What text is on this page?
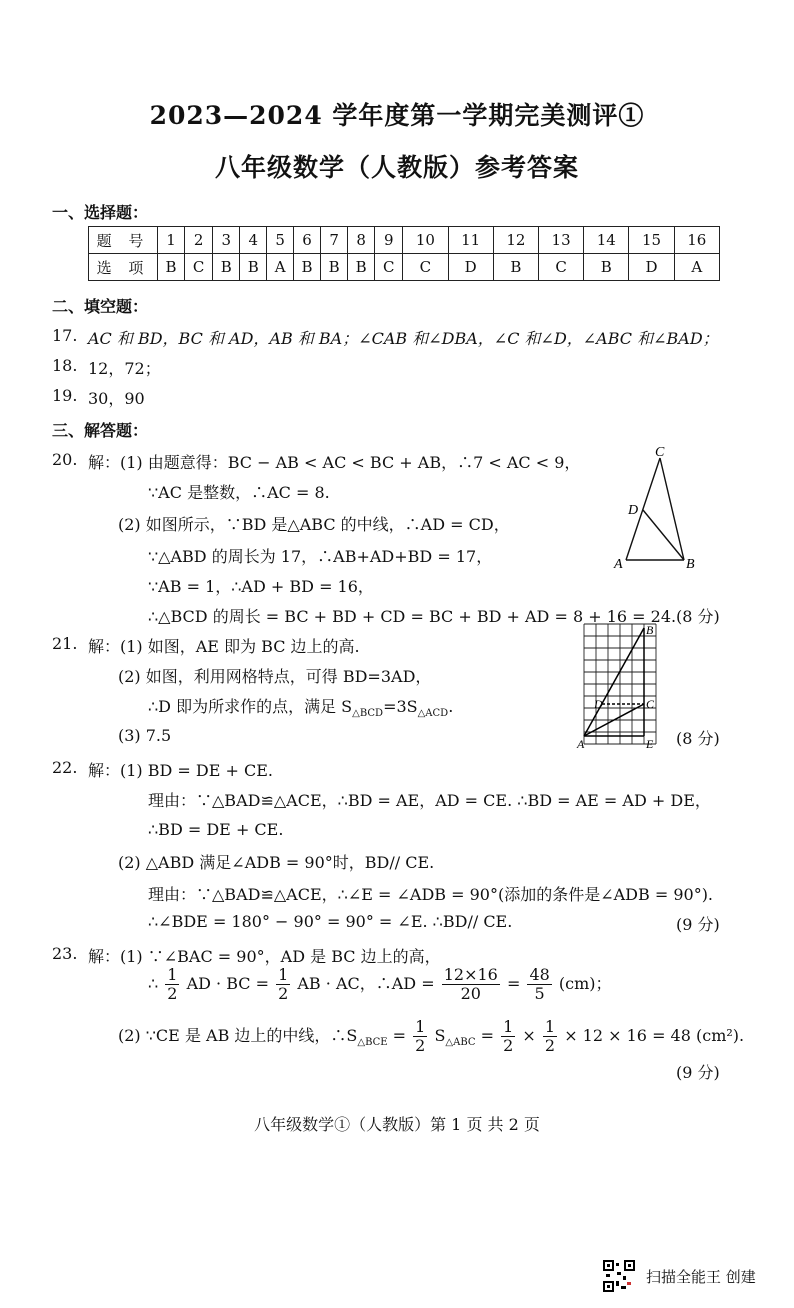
2023—2024 学年度第一学期完美测评①
八年级数学（人教版）参考答案
一、选择题：
题 号	1	2	3	4	5	6	7	8	9	10	11	12	13	14	15	16
选 项	B	C	B	B	A	B	B	B	C	C	D	B	C	B	D	A
二、填空题：
17. AC 和 BD，BC 和 AD，AB 和 BA；∠CAB 和∠DBA，∠C 和∠D，∠ABC 和∠BAD；
18. 12，72；
19. 30，90
三、解答题：
20. 解：(1) 由题意得：BC − AB < AC < BC + AB，∴7 < AC < 9，
∵AC 是整数，∴AC = 8.
(2) 如图所示，∵BD 是△ABC 的中线，∴AD = CD，
∵△ABD 的周长为 17，∴AB+AD+BD = 17，
∵AB = 1，∴AD + BD = 16，
∴△BCD 的周长 = BC + BD + CD = BC + BD + AD = 8 + 16 = 24. (8 分)
C
D
A	B
21. 解：(1) 如图，AE 即为 BC 边上的高.
(2) 如图，利用网格特点，可得 BD=3AD，
∴D 即为所求作的点，满足 $S_{\triangle BCD}=3S_{\triangle ACD}$.
(3) 7.5	(8 分)
B
D	C
A	E
22. 解：(1) BD = DE + CE.
理由：∵△BAD≌△ACE，∴BD = AE，AD = CE. ∴BD = AE = AD + DE，
∴BD = DE + CE.
(2) △ABD 满足∠ADB = 90°时，BD// CE.
理由：∵△BAD≌△ACE，∴∠E = ∠ADB = 90°(添加的条件是∠ADB = 90°).
∴∠BDE = 180° − 90° = 90° = ∠E. ∴BD// CE.	(9 分)
23. 解：(1) ∵∠BAC = 90°，AD 是 BC 边上的高，
∴ $\frac{1}{2}$ AD · BC = $\frac{1}{2}$ AB · AC，∴AD = $\frac{12\times 16}{20} = \frac{48}{5} (cm)$；
(2) ∵CE 是 AB 边上的中线，$\therefore S_{\triangle BCE} = \frac{1}{2} S_{\triangle ABC} = \frac{1}{2} \times \frac{1}{2} \times 12 \times 16 = 48$ (cm²).
(9 分)
八年级数学①（人教版）第 1 页 共 2 页
扫描全能王 创建
